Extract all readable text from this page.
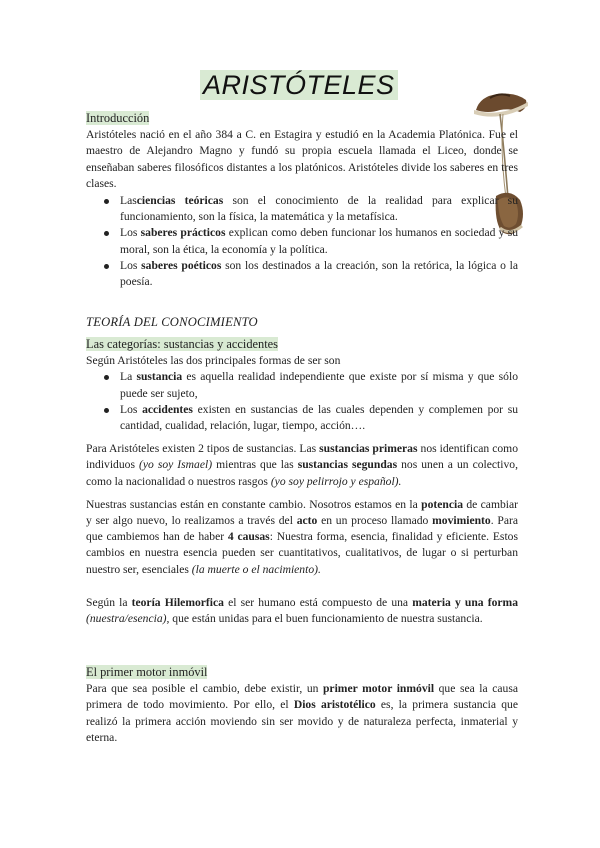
ARISTÓTELES

Introducción

Aristóteles nació en el año 384 a C. en Estagira y estudió en la Academia Platónica. Fue el maestro de Alejandro Magno y fundó su propia escuela llamada el Liceo, donde se enseñaban saberes filosóficos distantes a los platónicos. Aristóteles divide los saberes en tres clases.

Lasciencias teóricas son el conocimiento de la realidad para explicar su funcionamiento, son la física, la matemática y la metafísica.
Los saberes prácticos explican como deben funcionar los humanos en sociedad y su moral, son la ética, la economía y la política.
Los saberes poéticos son los destinados a la creación, son la retórica, la lógica o la poesía.

TEORÍA DEL CONOCIMIENTO

Las categorías: sustancias y accidentes

Según Aristóteles las dos principales formas de ser son

La sustancia es aquella realidad independiente que existe por sí misma y que sólo puede ser sujeto,
Los accidentes existen en sustancias de las cuales dependen y complemen por su cantidad, cualidad, relación, lugar, tiempo, acción….

Para Aristóteles existen 2 tipos de sustancias. Las sustancias primeras nos identifican como individuos (yo soy Ismael) mientras que las sustancias segundas nos unen a un colectivo, como la nacionalidad o nuestros rasgos (yo soy pelirrojo y español).

Nuestras sustancias están en constante cambio. Nosotros estamos en la potencia de cambiar y ser algo nuevo, lo realizamos a través del acto en un proceso llamado movimiento. Para que cambiemos han de haber 4 causas: Nuestra forma, esencia, finalidad y eficiente. Estos cambios en nuestra esencia pueden ser cuantitativos, cualitativos, de lugar o si perturban nuestro ser, esenciales (la muerte o el nacimiento).

Según la teoría Hilemorfica el ser humano está compuesto de una materia y una forma (nuestra/esencia), que están unidas para el buen funcionamiento de nuestra sustancia.

El primer motor inmóvil

Para que sea posible el cambio, debe existir, un primer motor inmóvil que sea la causa primera de todo movimiento. Por ello, el Dios aristotélico es, la primera sustancia que realizó la primera acción moviendo sin ser movido y de naturaleza perfecta, inmaterial y eterna.
